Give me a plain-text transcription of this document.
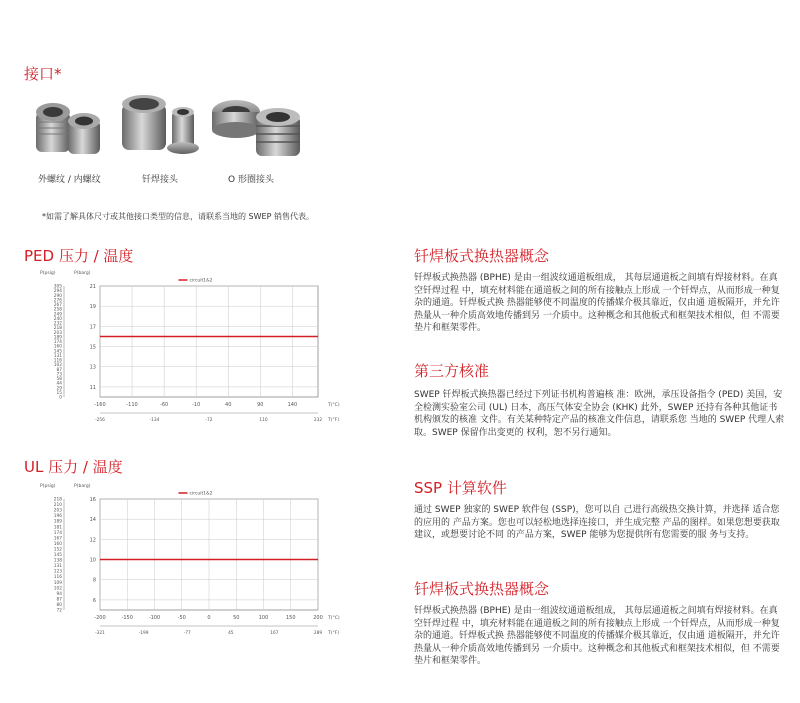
接口*
外螺纹 / 内螺纹	钎焊接头	O 形圈接头
*如需了解具体尺寸或其他接口类型的信息，请联系当地的 SWEP 销售代表。
PED 压力 / 温度
P(psig)	P(barg)
305
294
290
276
267
258
249
240
232
218
203
189
174
160
145
131
116
102
87
73
58
44
29
15
0
21
19
17
15
13
11
-160	-110	-60	-10	40	90	140	T(°C)
-256	-134	-72	110	232 T(°F)
circuit1&2
UL 压力 / 温度
P(psig)	P(barg)
218
210
203
196
189
181
174
167
160
152
145
138
131
123
116
109
102
94
87
80
72
16
14
12
10
8
6
-200	-150	-100	-50	0	50	100	150	200 T(°C)
-321	-199	-77	45	167	289 T(°F)
circuit1&2
钎焊板式换热器概念
钎焊板式换热器 (BPHE) 是由一组波纹通道板组成， 其每层通道板之间填有焊接材料。在真空钎焊过程 中，填充材料能在通道板之间的所有接触点上形成 一个钎焊点，从而形成一种复杂的通道。钎焊板式换 热器能够使不同温度的传播媒介极其靠近，仅由通 道板隔开，并允许热量从一种介质高效地传播到另 一介质中。这种概念和其他板式和框架技术相似，但 不需要垫片和框架零件。
第三方核准
SWEP 钎焊板式换热器已经过下列证书机构普遍核 准：欧洲，承压设备指令 (PED) 美国，安全检测实验室公司 (UL) 日本，高压气体安全协会 (KHK) 此外，SWEP 还持有各种其他证书机构颁发的核准 文件。有关某种特定产品的核准文件信息，请联系您 当地的 SWEP 代理人索取。SWEP 保留作出变更的 权利，恕不另行通知。
SSP 计算软件
通过 SWEP 独家的 SWEP 软件包 (SSP)，您可以自 己进行高级热交换计算，并选择 适合您的应用的 产品方案。您也可以轻松地选择连接口，并生成完整 产品的图样。如果您想要获取建议，或想要讨论不同 的产品方案，SWEP 能够为您提供所有您需要的服 务与支持。
钎焊板式换热器概念
钎焊板式换热器 (BPHE) 是由一组波纹通道板组成， 其每层通道板之间填有焊接材料。在真空钎焊过程 中，填充材料能在通道板之间的所有接触点上形成 一个钎焊点，从而形成一种复杂的通道。钎焊板式换 热器能够使不同温度的传播媒介极其靠近，仅由通 道板隔开，并允许热量从一种介质高效地传播到另 一介质中。这种概念和其他板式和框架技术相似，但 不需要垫片和框架零件。
